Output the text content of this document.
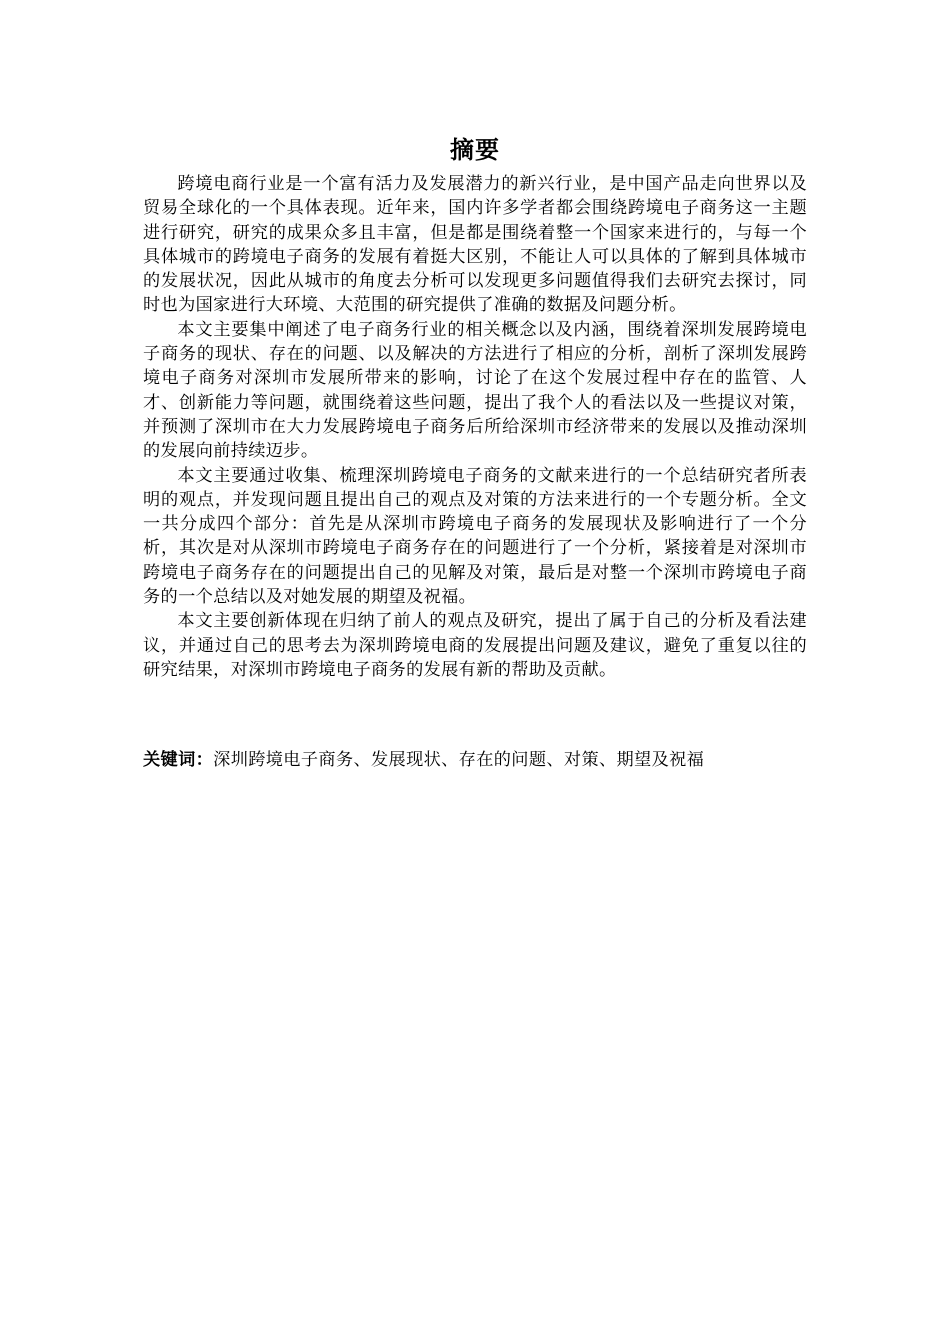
摘要

跨境电商行业是一个富有活力及发展潜力的新兴行业，是中国产品走向世界以及贸易全球化的一个具体表现。近年来，国内许多学者都会围绕跨境电子商务这一主题进行研究，研究的成果众多且丰富，但是都是围绕着整一个国家来进行的，与每一个具体城市的跨境电子商务的发展有着挺大区别，不能让人可以具体的了解到具体城市的发展状况，因此从城市的角度去分析可以发现更多问题值得我们去研究去探讨，同时也为国家进行大环境、大范围的研究提供了准确的数据及问题分析。

本文主要集中阐述了电子商务行业的相关概念以及内涵，围绕着深圳发展跨境电子商务的现状、存在的问题、以及解决的方法进行了相应的分析，剖析了深圳发展跨境电子商务对深圳市发展所带来的影响，讨论了在这个发展过程中存在的监管、人才、创新能力等问题，就围绕着这些问题，提出了我个人的看法以及一些提议对策，并预测了深圳市在大力发展跨境电子商务后所给深圳市经济带来的发展以及推动深圳的发展向前持续迈步。

本文主要通过收集、梳理深圳跨境电子商务的文献来进行的一个总结研究者所表明的观点，并发现问题且提出自己的观点及对策的方法来进行的一个专题分析。全文一共分成四个部分：首先是从深圳市跨境电子商务的发展现状及影响进行了一个分析，其次是对从深圳市跨境电子商务存在的问题进行了一个分析，紧接着是对深圳市跨境电子商务存在的问题提出自己的见解及对策，最后是对整一个深圳市跨境电子商务的一个总结以及对她发展的期望及祝福。

本文主要创新体现在归纳了前人的观点及研究，提出了属于自己的分析及看法建议，并通过自己的思考去为深圳跨境电商的发展提出问题及建议，避免了重复以往的研究结果，对深圳市跨境电子商务的发展有新的帮助及贡献。

关键词：深圳跨境电子商务、发展现状、存在的问题、对策、期望及祝福
